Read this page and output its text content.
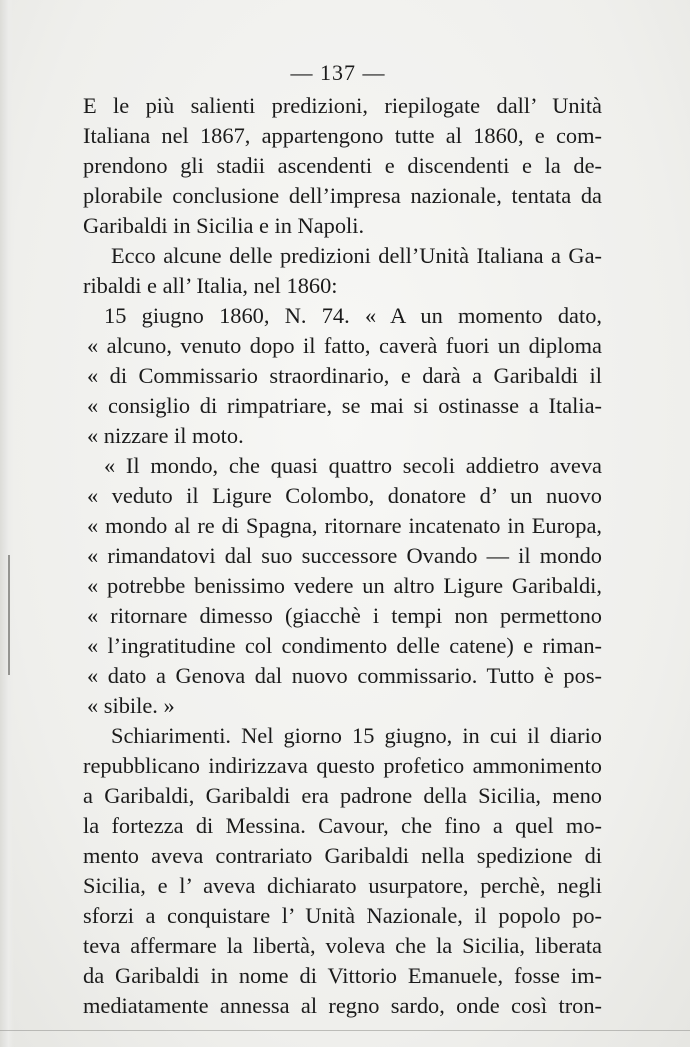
— 137 —
E le più salienti predizioni, riepilogate dall’ Unità
Italiana nel 1867, appartengono tutte al 1860, e com-
prendono gli stadii ascendenti e discendenti e la de-
plorabile conclusione dell’impresa nazionale, tentata da
Garibaldi in Sicilia e in Napoli.
Ecco alcune delle predizioni dell’Unità Italiana a Ga-
ribaldi e all’ Italia, nel 1860:
15 giugno 1860, N. 74. « A un momento dato,
« alcuno, venuto dopo il fatto, caverà fuori un diploma
« di Commissario straordinario, e darà a Garibaldi il
« consiglio di rimpatriare, se mai si ostinasse a Italia-
« nizzare il moto.
« Il mondo, che quasi quattro secoli addietro aveva
« veduto il Ligure Colombo, donatore d’ un nuovo
« mondo al re di Spagna, ritornare incatenato in Europa,
« rimandatovi dal suo successore Ovando — il mondo
« potrebbe benissimo vedere un altro Ligure Garibaldi,
« ritornare dimesso (giacchè i tempi non permettono
« l’ingratitudine col condimento delle catene) e riman-
« dato a Genova dal nuovo commissario. Tutto è pos-
« sibile. »
Schiarimenti. Nel giorno 15 giugno, in cui il diario
repubblicano indirizzava questo profetico ammonimento
a Garibaldi, Garibaldi era padrone della Sicilia, meno
la fortezza di Messina. Cavour, che fino a quel mo-
mento aveva contrariato Garibaldi nella spedizione di
Sicilia, e l’ aveva dichiarato usurpatore, perchè, negli
sforzi a conquistare l’ Unità Nazionale, il popolo po-
teva affermare la libertà, voleva che la Sicilia, liberata
da Garibaldi in nome di Vittorio Emanuele, fosse im-
mediatamente annessa al regno sardo, onde così tron-
